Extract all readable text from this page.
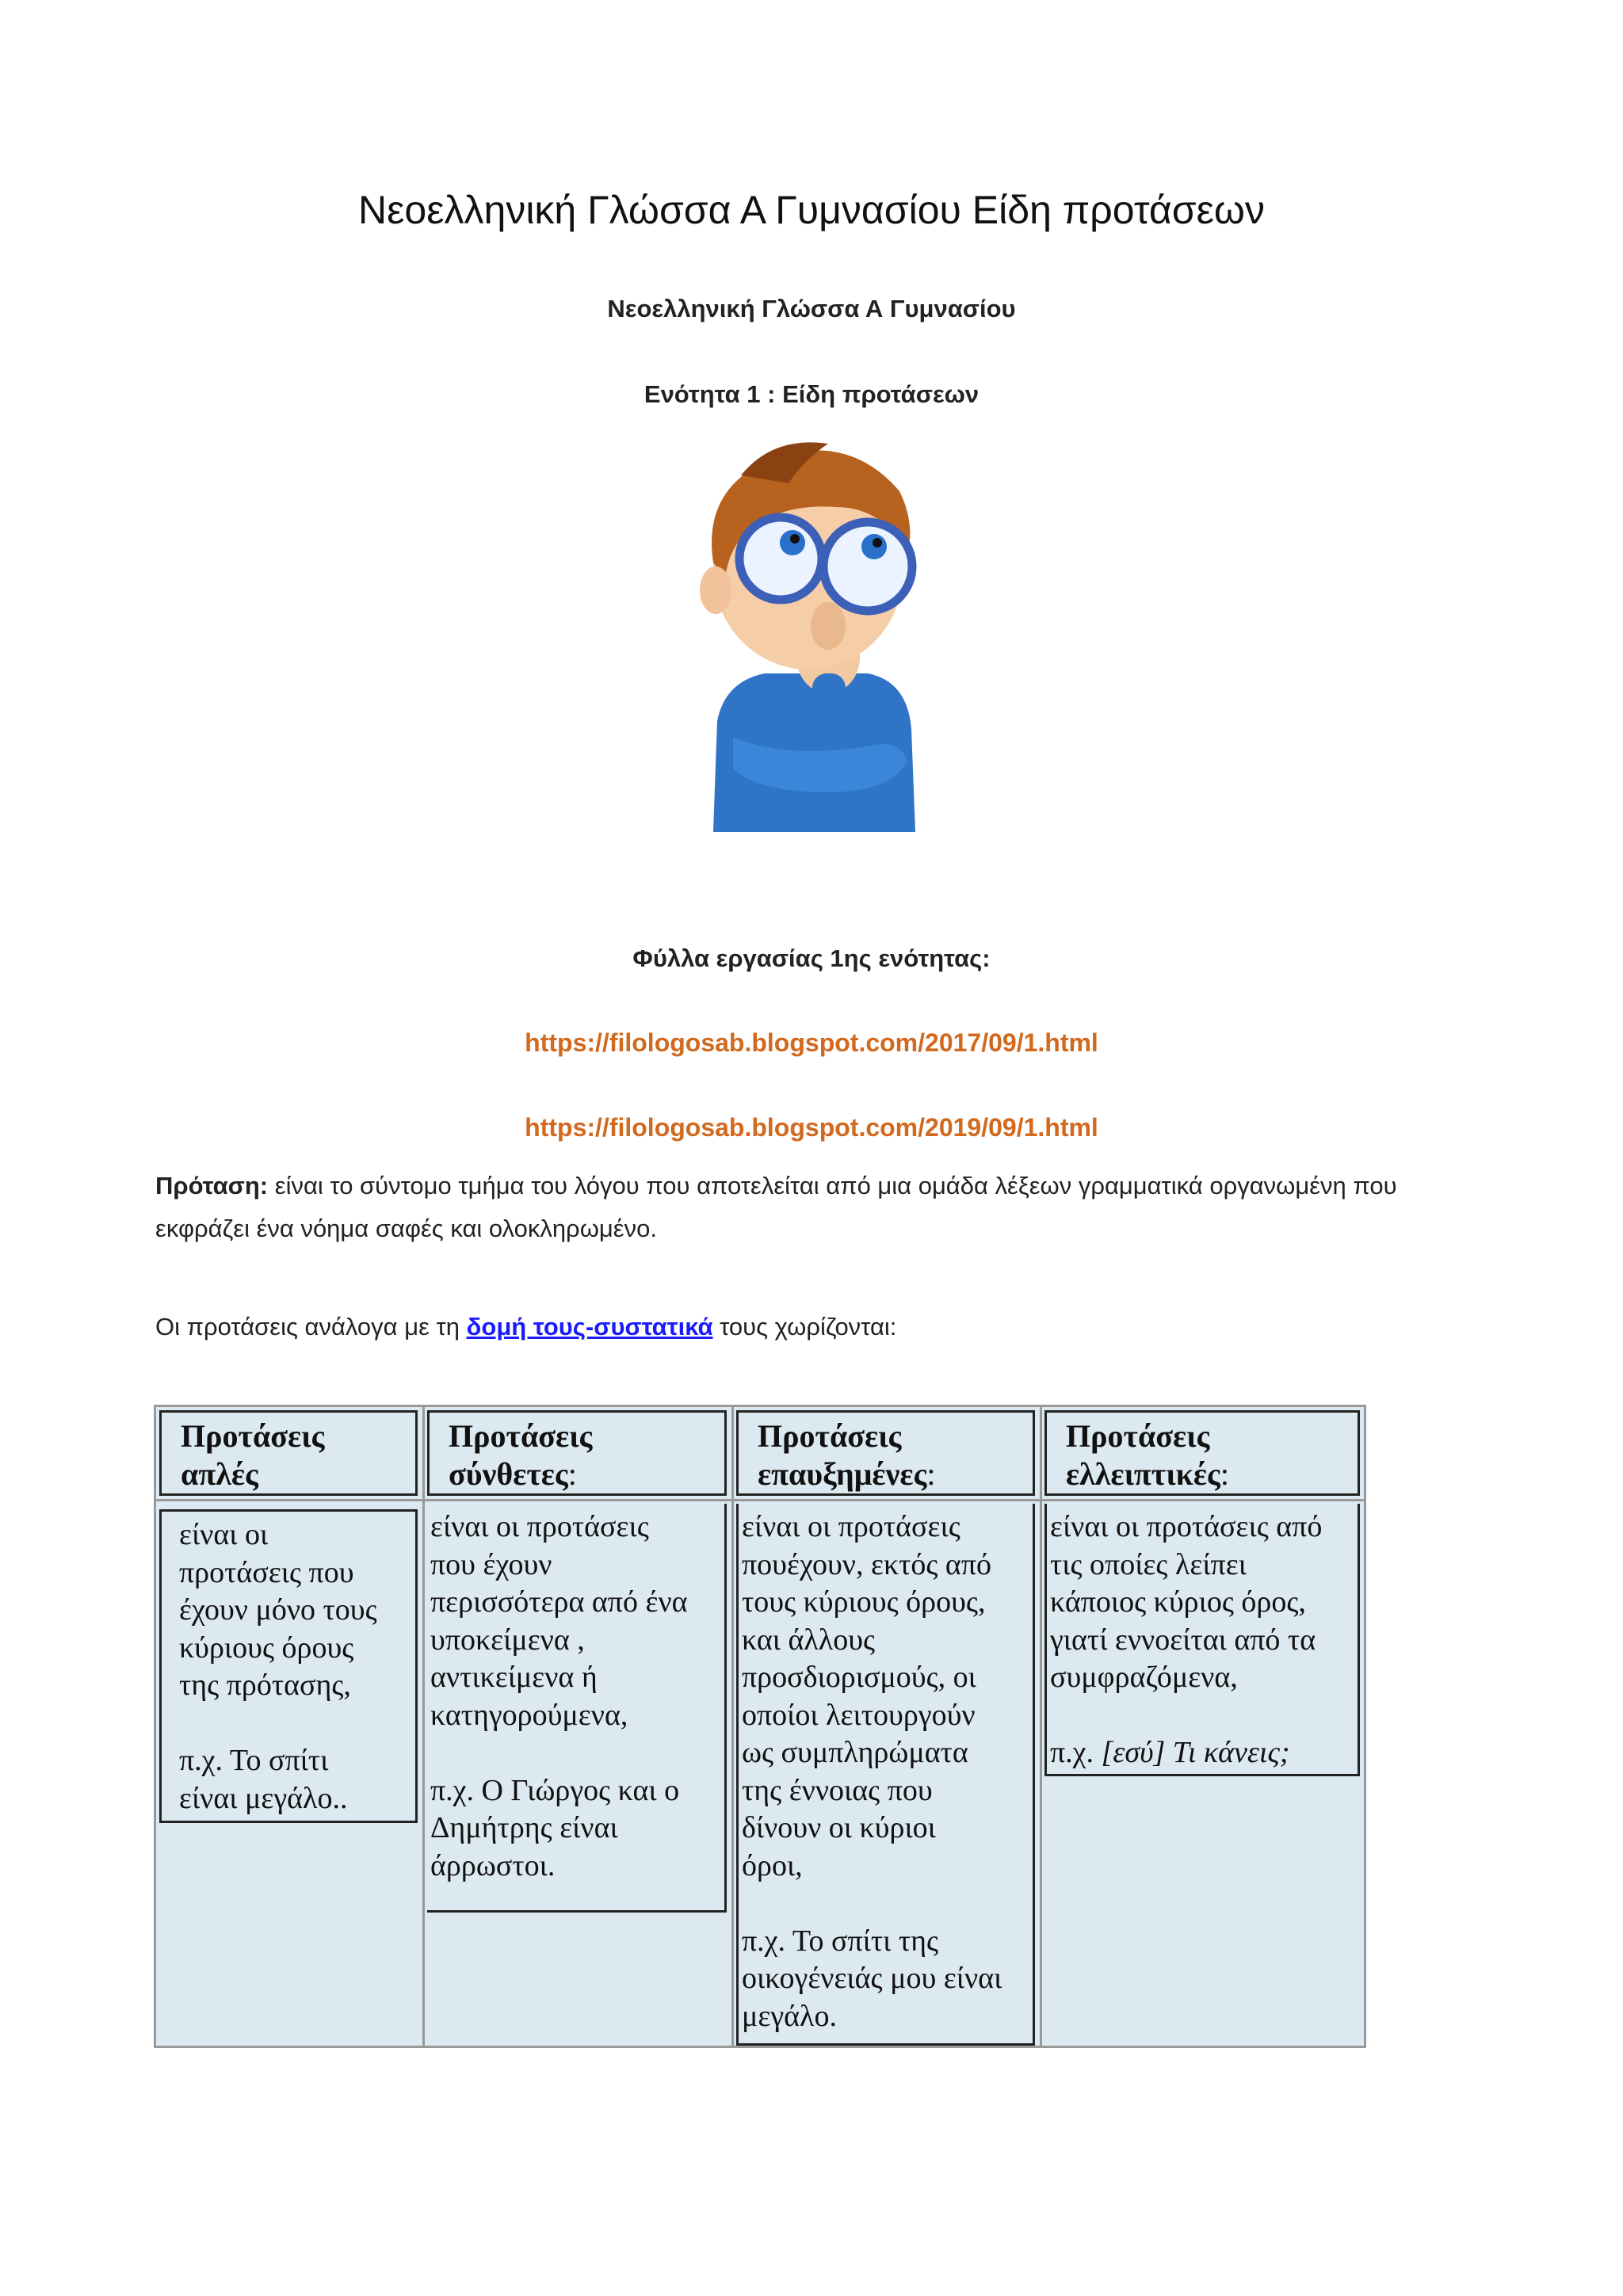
Νεοελληνική Γλώσσα Α Γυμνασίου Είδη προτάσεων
Νεοελληνική Γλώσσα Α Γυμνασίου
Ενότητα 1 : Είδη προτάσεων
Φύλλα εργασίας 1ης ενότητας:
https://filologosab.blogspot.com/2017/09/1.html
https://filologosab.blogspot.com/2019/09/1.html
Πρόταση: είναι το σύντομο τμήμα του λόγου που αποτελείται από μια ομάδα λέξεων γραμματικά οργανωμένη που εκφράζει ένα νόημα σαφές και ολοκληρωμένο.
Οι προτάσεις ανάλογα με τη δομή τους-συστατικά τους χωρίζονται:
Προτάσεις
απλές
είναι οι
προτάσεις που
έχουν μόνο τους
κύριους όρους
της πρότασης,

π.χ. Το σπίτι
είναι μεγάλο..
Προτάσεις
σύνθετες:
είναι οι προτάσεις
που έχουν
περισσότερα από ένα
υποκείμενα ,
αντικείμενα ή
κατηγορούμενα,

π.χ. Ο Γιώργος και ο
Δημήτρης είναι
άρρωστοι.
Προτάσεις
επαυξημένες:
είναι οι προτάσεις
πουέχουν, εκτός από
τους κύριους όρους,
και άλλους
προσδιορισμούς, οι
οποίοι λειτουργούν
ως συμπληρώματα
της έννοιας που
δίνουν οι κύριοι
όροι,

π.χ. Το σπίτι της
οικογένειάς μου είναι
μεγάλο.
Προτάσεις
ελλειπτικές:
είναι οι προτάσεις από
τις οποίες λείπει
κάποιος κύριος όρος,
γιατί εννοείται από τα
συμφραζόμενα,

π.χ. [εσύ] Τι κάνεις;
